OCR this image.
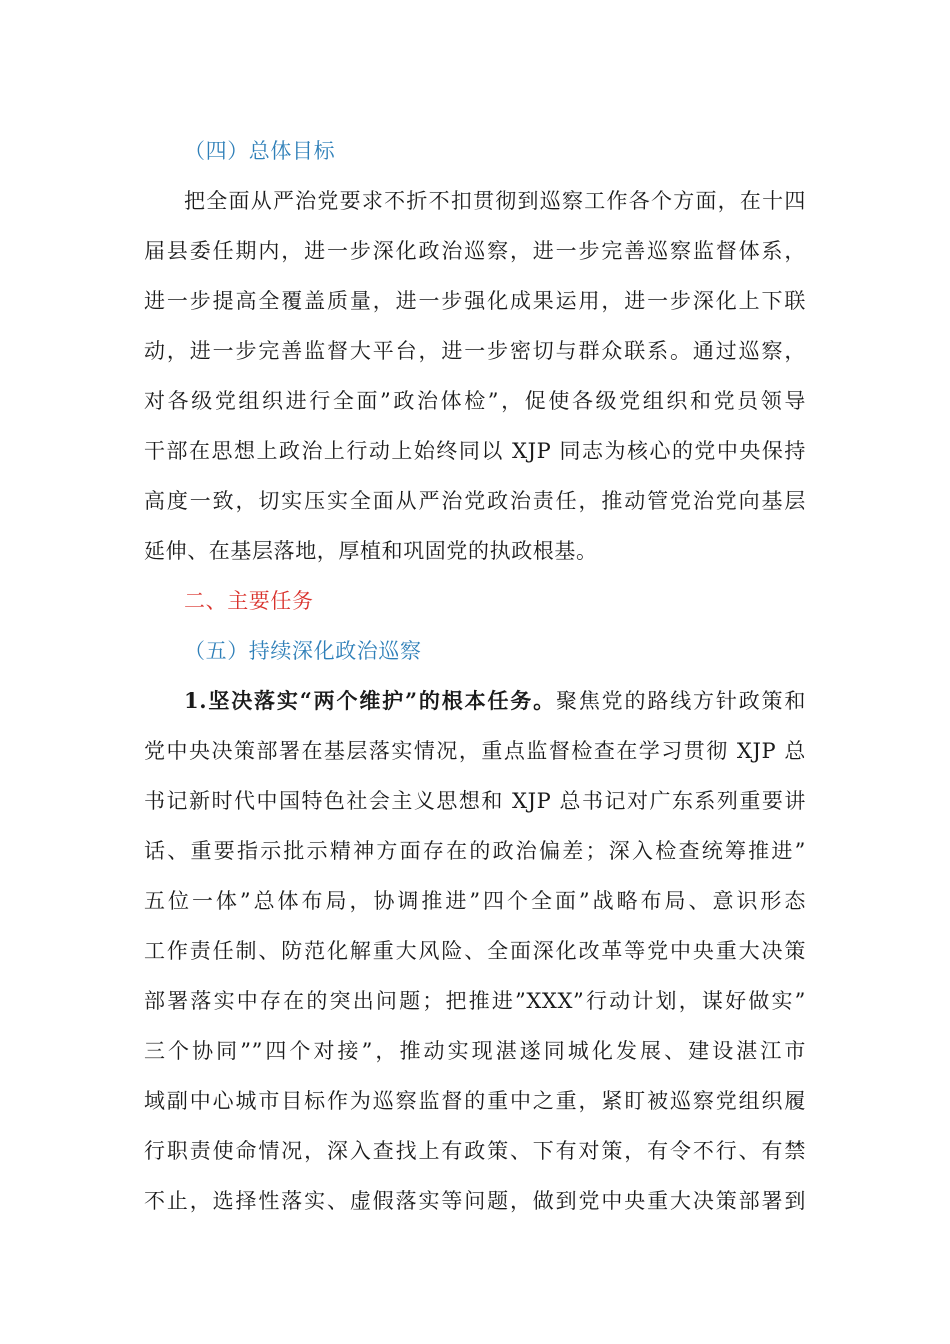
（四）总体目标
把全面从严治党要求不折不扣贯彻到巡察工作各个方面，在十四
届县委任期内，进一步深化政治巡察，进一步完善巡察监督体系，
进一步提高全覆盖质量，进一步强化成果运用，进一步深化上下联
动，进一步完善监督大平台，进一步密切与群众联系。通过巡察，
对各级党组织进行全面”政治体检”，促使各级党组织和党员领导
干部在思想上政治上行动上始终同以 XJP 同志为核心的党中央保持
高度一致，切实压实全面从严治党政治责任，推动管党治党向基层
延伸、在基层落地，厚植和巩固党的执政根基。
二、主要任务
（五）持续深化政治巡察
1.坚决落实“两个维护”的根本任务。聚焦党的路线方针政策和
党中央决策部署在基层落实情况，重点监督检查在学习贯彻 XJP 总
书记新时代中国特色社会主义思想和 XJP 总书记对广东系列重要讲
话、重要指示批示精神方面存在的政治偏差；深入检查统筹推进”
五位一体”总体布局，协调推进”四个全面”战略布局、意识形态
工作责任制、防范化解重大风险、全面深化改革等党中央重大决策
部署落实中存在的突出问题；把推进”XXX”行动计划，谋好做实”
三个协同””四个对接”，推动实现湛遂同城化发展、建设湛江市
域副中心城市目标作为巡察监督的重中之重，紧盯被巡察党组织履
行职责使命情况，深入查找上有政策、下有对策，有令不行、有禁
不止，选择性落实、虚假落实等问题，做到党中央重大决策部署到
